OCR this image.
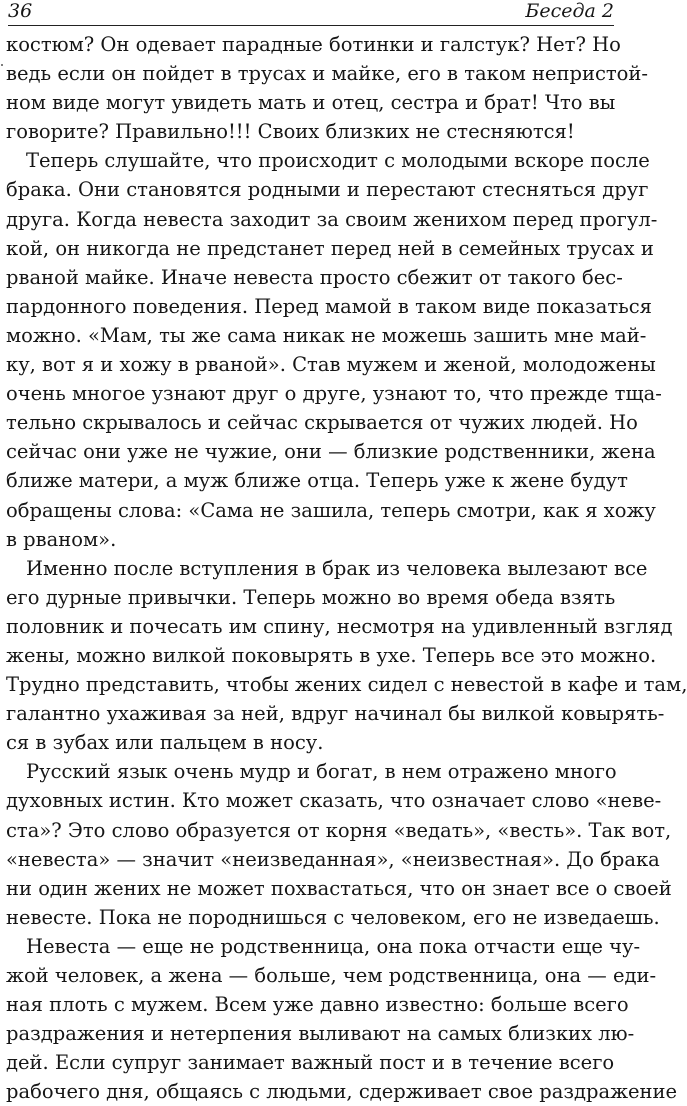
36	Беседа 2
костюм? Он одевает парадные ботинки и галстук? Нет? Но
ведь если он пойдет в трусах и майке, его в таком непристой-
ном виде могут увидеть мать и отец, сестра и брат! Что вы
говорите? Правильно!!! Своих близких не стесняются!
Теперь слушайте, что происходит с молодыми вскоре после
брака. Они становятся родными и перестают стесняться друг
друга. Когда невеста заходит за своим женихом перед прогул-
кой, он никогда не предстанет перед ней в семейных трусах и
рваной майке. Иначе невеста просто сбежит от такого бес-
пардонного поведения. Перед мамой в таком виде показаться
можно. «Мам, ты же сама никак не можешь зашить мне май-
ку, вот я и хожу в рваной». Став мужем и женой, молодожены
очень многое узнают друг о друге, узнают то, что прежде тща-
тельно скрывалось и сейчас скрывается от чужих людей. Но
сейчас они уже не чужие, они — близкие родственники, жена
ближе матери, а муж ближе отца. Теперь уже к жене будут
обращены слова: «Сама не зашила, теперь смотри, как я хожу
в рваном».
Именно после вступления в брак из человека вылезают все
его дурные привычки. Теперь можно во время обеда взять
половник и почесать им спину, несмотря на удивленный взгляд
жены, можно вилкой поковырять в ухе. Теперь все это можно.
Трудно представить, чтобы жених сидел с невестой в кафе и там,
галантно ухаживая за ней, вдруг начинал бы вилкой ковырять-
ся в зубах или пальцем в носу.
Русский язык очень мудр и богат, в нем отражено много
духовных истин. Кто может сказать, что означает слово «неве-
ста»? Это слово образуется от корня «ведать», «весть». Так вот,
«невеста» — значит «неизведанная», «неизвестная». До брака
ни один жених не может похвастаться, что он знает все о своей
невесте. Пока не породнишься с человеком, его не изведаешь.
Невеста — еще не родственница, она пока отчасти еще чу-
жой человек, а жена — больше, чем родственница, она — еди-
ная плоть с мужем. Всем уже давно известно: больше всего
раздражения и нетерпения выливают на самых близких лю-
дей. Если супруг занимает важный пост и в течение всего
рабочего дня, общаясь с людьми, сдерживает свое раздражение
